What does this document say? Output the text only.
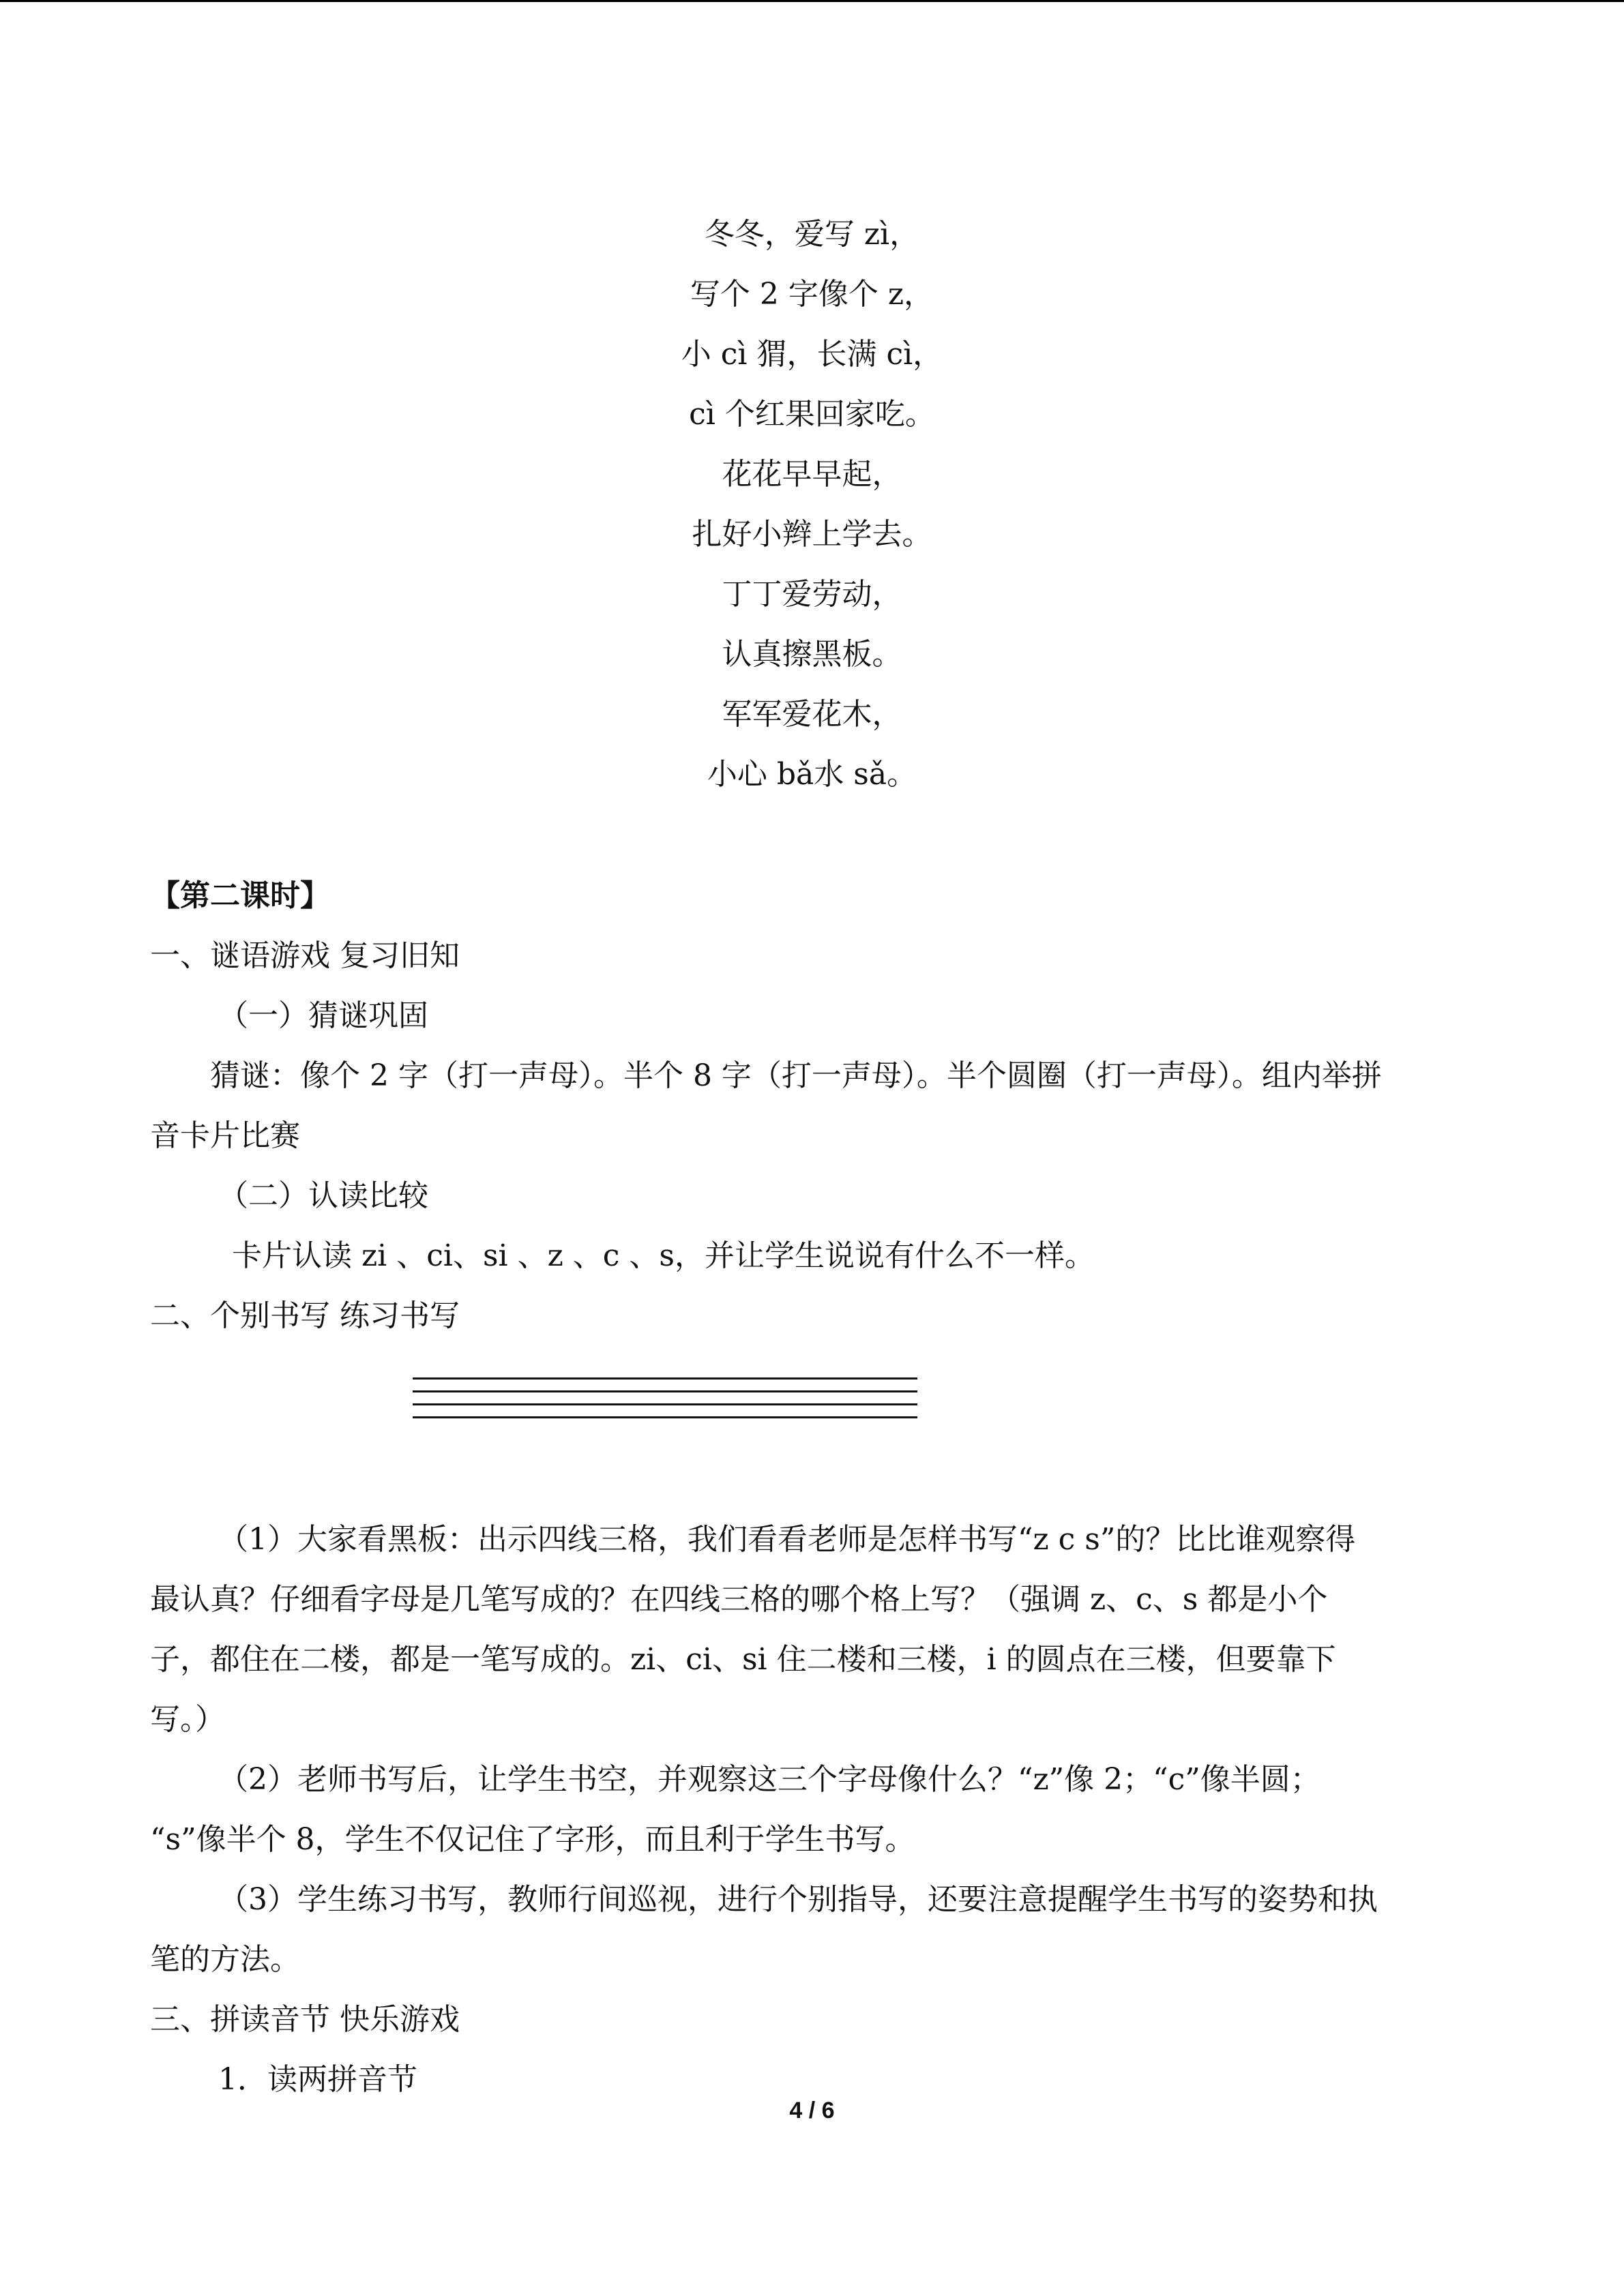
冬冬，爱写 zì，
写个 2 字像个 z，
小 cì 猬，长满 cì，
cì 个红果回家吃。
花花早早起，
扎好小辫上学去。
丁丁爱劳动，
认真擦黑板。
军军爱花木，
小心 bǎ水 sǎ。
【第二课时】
一、谜语游戏 复习旧知
（一）猜谜巩固
猜谜：像个 2 字（打一声母）。半个 8 字（打一声母）。半个圆圈（打一声母）。组内举拼
音卡片比赛
（二）认读比较
卡片认读 zi 、ci、si 、z 、c 、s，并让学生说说有什么不一样。
二、个别书写 练习书写
（1）大家看黑板：出示四线三格，我们看看老师是怎样书写“z c s”的？比比谁观察得
最认真？仔细看字母是几笔写成的？在四线三格的哪个格上写？（强调 z、c、s 都是小个
子，都住在二楼，都是一笔写成的。zi、ci、si 住二楼和三楼，i 的圆点在三楼，但要靠下
写。）
（2）老师书写后，让学生书空，并观察这三个字母像什么？“z”像 2；“c”像半圆；
“s”像半个 8，学生不仅记住了字形，而且利于学生书写。
（3）学生练习书写，教师行间巡视，进行个别指导，还要注意提醒学生书写的姿势和执
笔的方法。
三、拼读音节 快乐游戏
1．读两拼音节
4 / 6
